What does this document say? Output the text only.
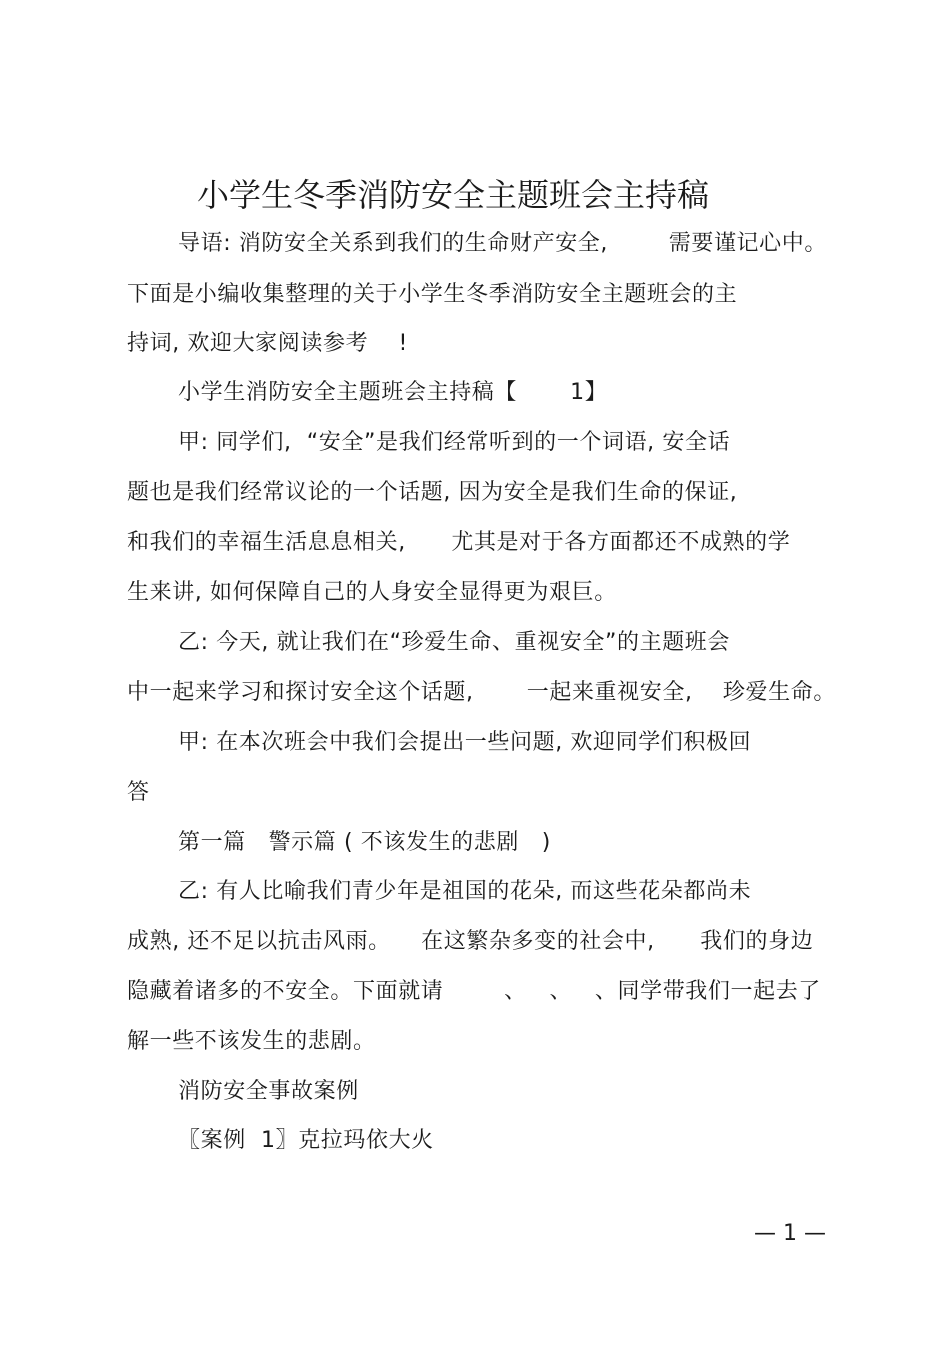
小学生冬季消防安全主题班会主持稿
导语: 消防安全关系到我们的生命财产安全,        需要谨记心中。
下面是小编收集整理的关于小学生冬季消防安全主题班会的主
持词, 欢迎大家阅读参考    !
小学生消防安全主题班会主持稿【       1】
甲: 同学们,  “安全”是我们经常听到的一个词语, 安全话
题也是我们经常议论的一个话题, 因为安全是我们生命的保证,
和我们的幸福生活息息相关,      尤其是对于各方面都还不成熟的学
生来讲, 如何保障自己的人身安全显得更为艰巨。
乙: 今天, 就让我们在“珍爱生命、重视安全”的主题班会
中一起来学习和探讨安全这个话题,       一起来重视安全,    珍爱生命。
甲: 在本次班会中我们会提出一些问题, 欢迎同学们积极回
答
第一篇   警示篇 ( 不该发生的悲剧   )
乙: 有人比喻我们青少年是祖国的花朵, 而这些花朵都尚未
成熟, 还不足以抗击风雨。    在这繁杂多变的社会中,      我们的身边
隐藏着诸多的不安全。下面就请        、   、   、同学带我们一起去了
解一些不该发生的悲剧。
消防安全事故案例
〖案例  1〗克拉玛依大火
— 1 —
